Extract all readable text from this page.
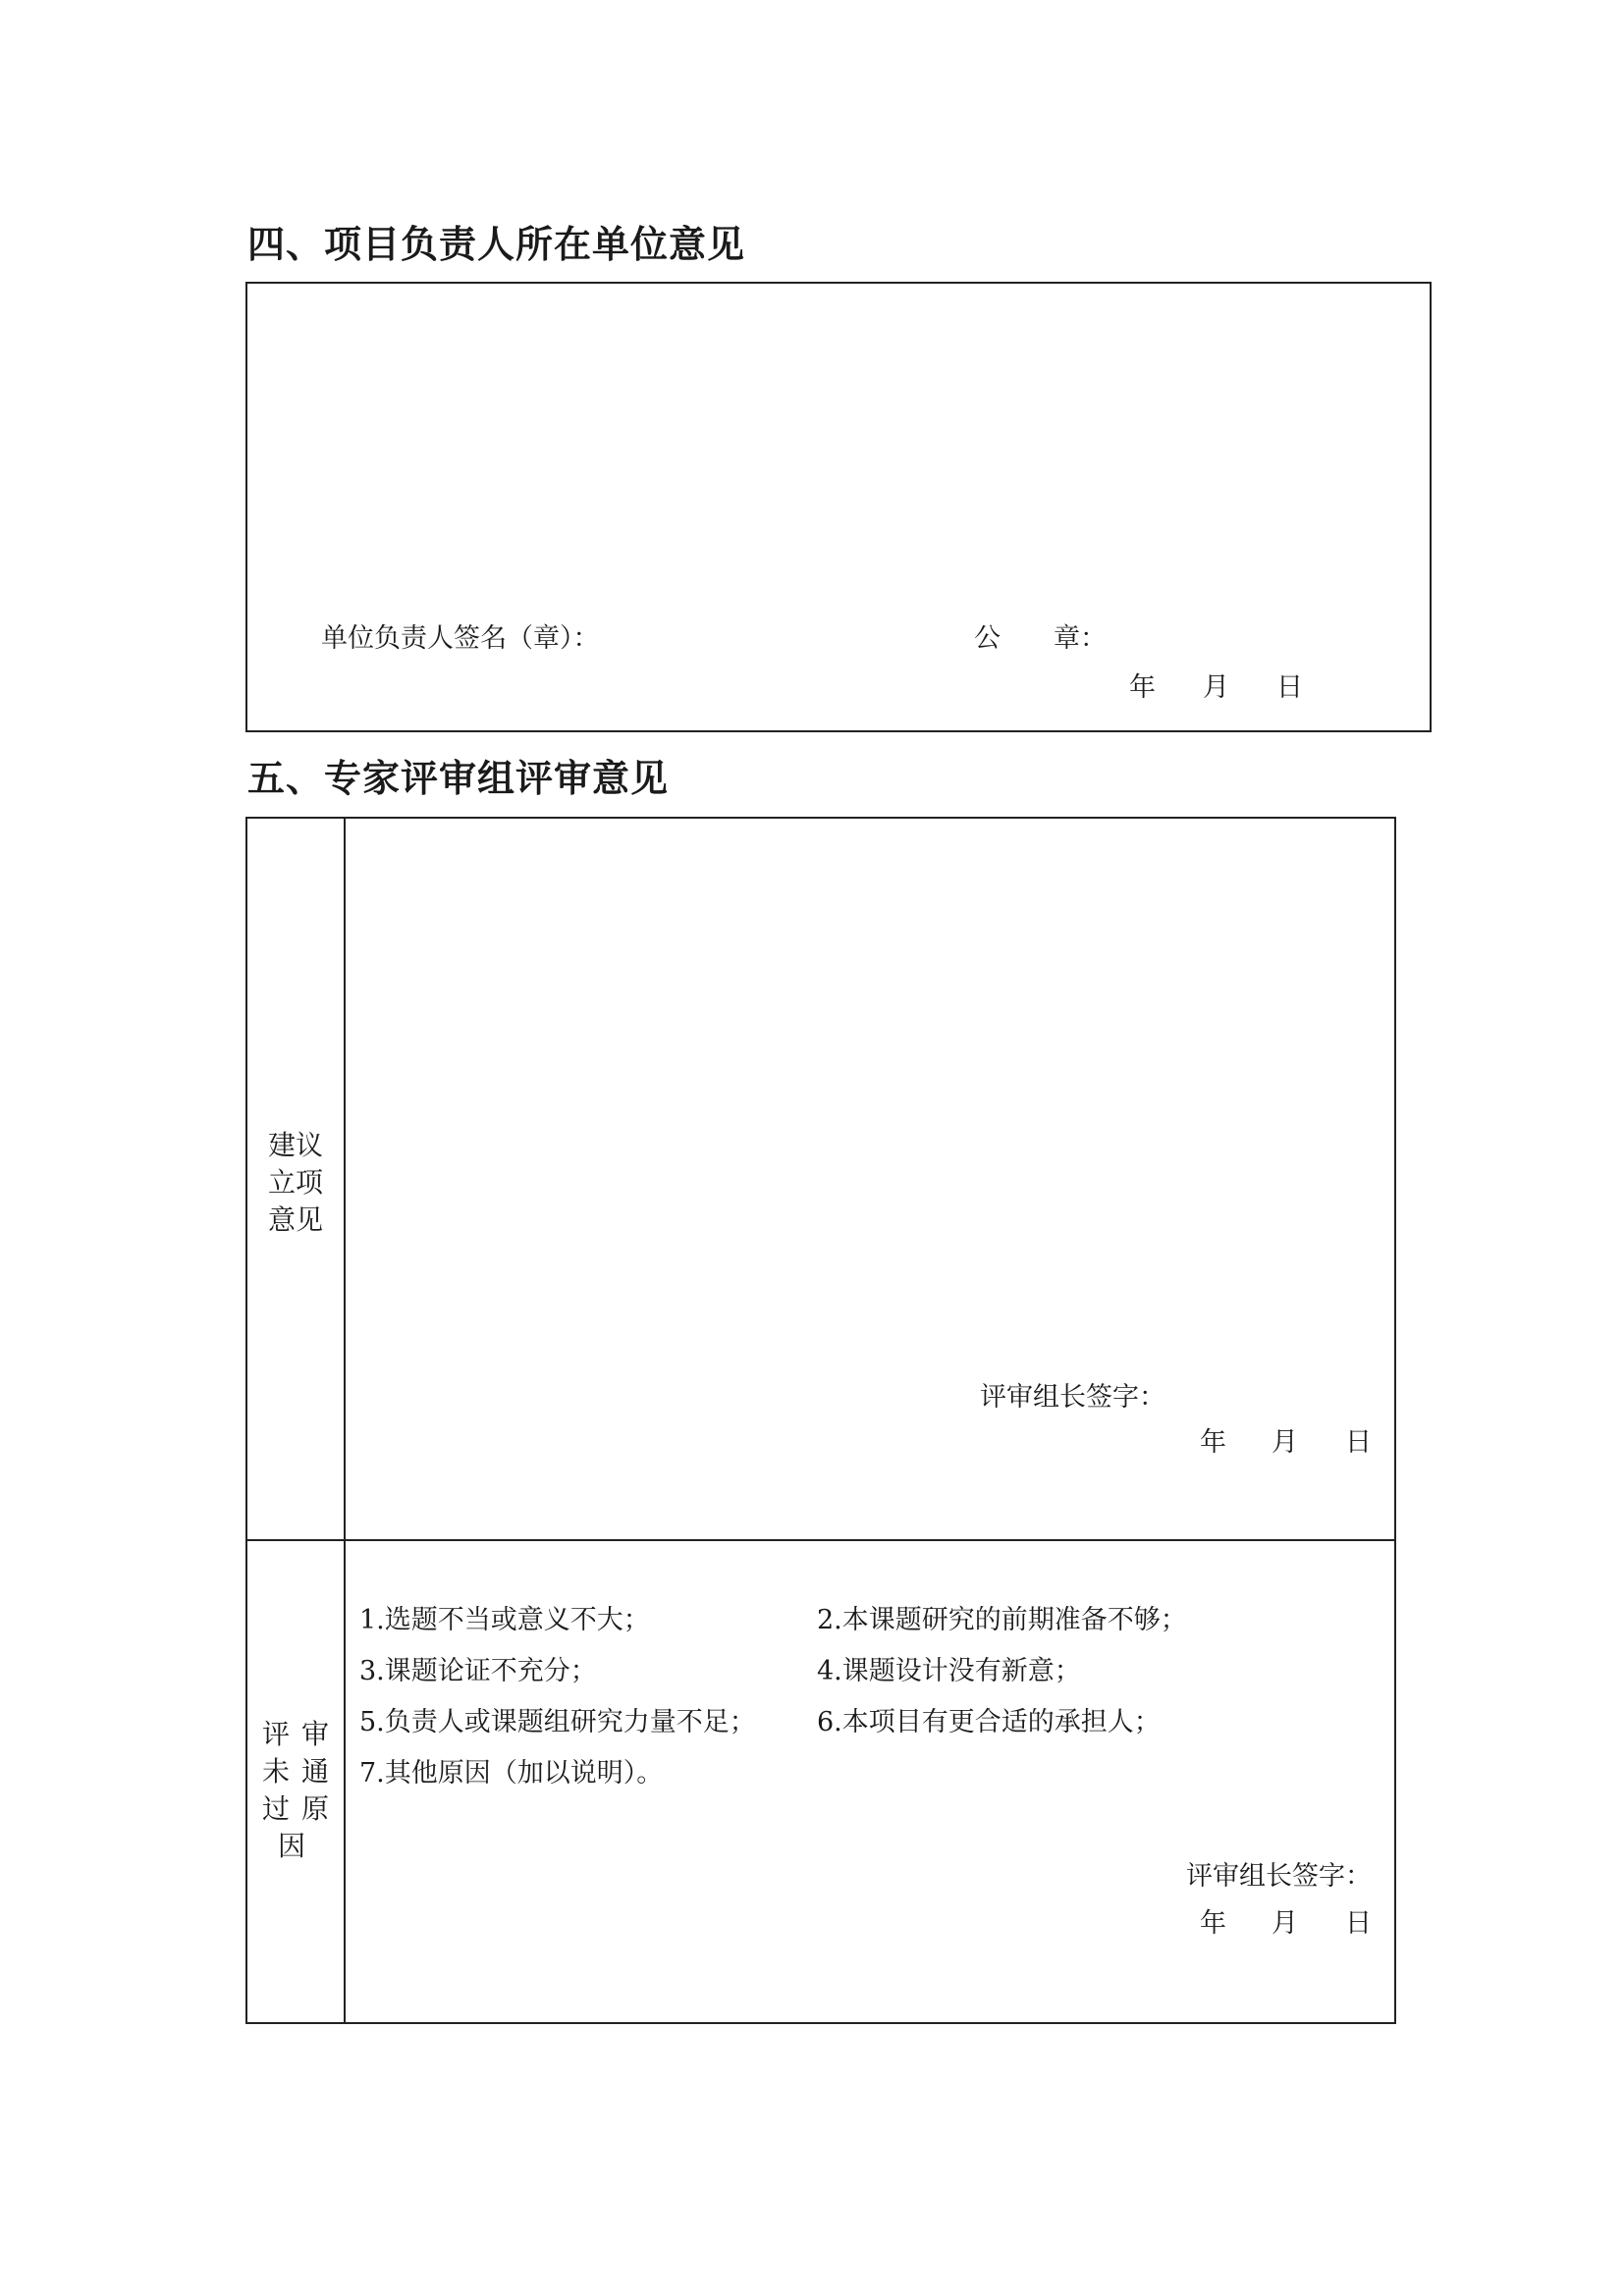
四、项目负责人所在单位意见
单位负责人签名（章）：	公　　章：
年 月 日
五、专家评审组评审意见
建议
立项
意见
评审组长签字：
年 月 日
评审
未通
过原
因
1.选题不当或意义不大；	2.本课题研究的前期准备不够；
3.课题论证不充分；	4.课题设计没有新意；
5.负责人或课题组研究力量不足； 6.本项目有更合适的承担人；
7.其他原因（加以说明）。
评审组长签字：
年 月 日
